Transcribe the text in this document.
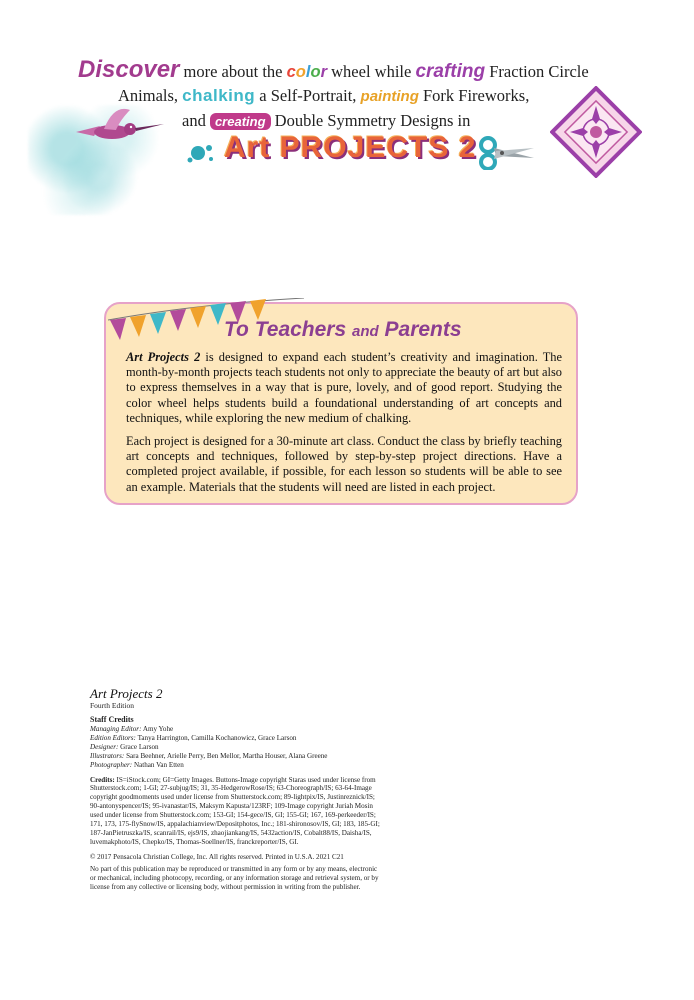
Discover more about the color wheel while crafting Fraction Circle
Animals, chalking a Self-Portrait, painting Fork Fireworks,
and creating Double Symmetry Designs in
Art PROJECTS 2
To Teachers and Parents

Art Projects 2 is designed to expand each student’s creativity and imagination. The month-by-month projects teach students not only to appreciate the beauty of art but also to express themselves in a way that is pure, lovely, and of good report. Studying the color wheel helps students build a foundational understanding of art concepts and techniques, while exploring the new medium of chalking.

Each project is designed for a 30-minute art class. Conduct the class by briefly teaching art concepts and techniques, followed by step-by-step project directions. Have a completed project available, if possible, for each lesson so students will be able to see an example. Materials that the students will need are listed in each project.

Art Projects 2
Fourth Edition
Staff Credits
Managing Editor: Amy Yohe
Edition Editors: Tanya Harrington, Camilla Kochanowicz, Grace Larson
Designer: Grace Larson
Illustrators: Sara Beehner, Arielle Perry, Ben Mellor, Martha Houser, Alana Greene
Photographer: Nathan Van Etten
Credits: IS=iStock.com; GI=Getty Images. Buttons-Image copyright Staras used under license from Shutterstock.com; 1-GI; 27-subjug/IS; 31, 35-HedgerowRose/IS; 63-Choreograph/IS; 63-64-Image copyright goodmoments used under license from Shutterstock.com; 89-lightpix/IS, Justinreznick/IS; 90-antonyspencer/IS; 95-ivanastar/IS, Maksym Kapusta/123RF; 109-Image copyright Juriah Mosin used under license from Shutterstock.com; 153-GI; 154-gece/IS, GI; 155-GI; 167, 169-perkeeder/IS; 171, 173, 175-flySnow/IS, appalachianview/Depositphotos, Inc.; 181-shironosov/IS, GI; 183, 185-GI; 187-JanPietruszka/IS, scanrail/IS, ejs9/IS, zhaojiankang/IS, 5432action/IS, Cobalt88/IS, Daisha/IS, luvemakphoto/IS, Chepko/IS, Thomas-Soellner/IS, franckreporter/IS, GI.
© 2017 Pensacola Christian College, Inc. All rights reserved. Printed in U.S.A. 2021 C21
No part of this publication may be reproduced or transmitted in any form or by any means, electronic or mechanical, including photocopy, recording, or any information storage and retrieval system, or by license from any collective or licensing body, without permission in writing from the publisher.
